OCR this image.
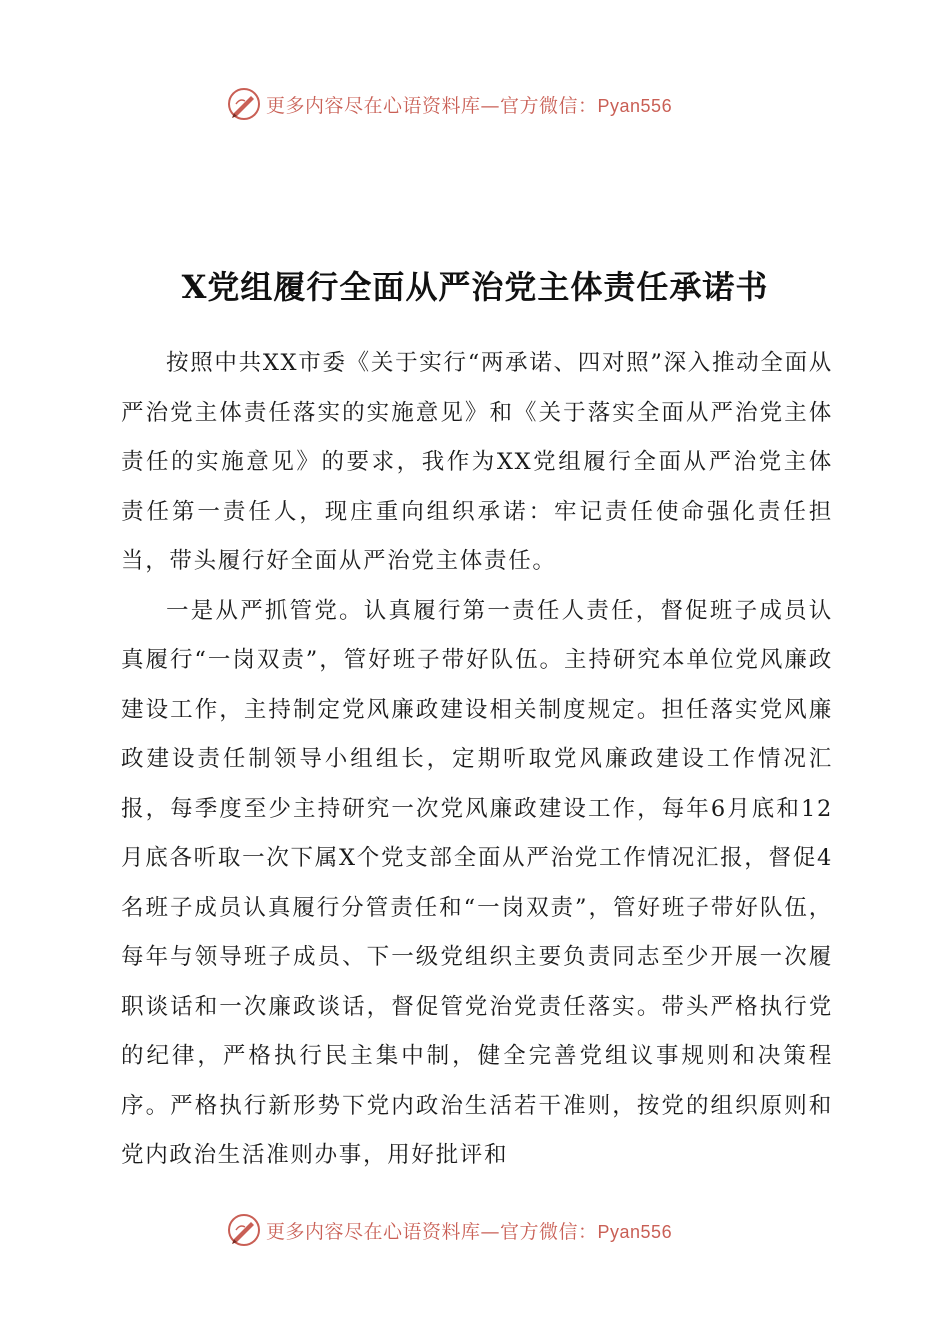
更多内容尽在心语资料库—官方微信：Pyan556
X党组履行全面从严治党主体责任承诺书

按照中共XX市委《关于实行“两承诺、四对照”深入推动全面从严治党主体责任落实的实施意见》和《关于落实全面从严治党主体责任的实施意见》的要求，我作为XX党组履行全面从严治党主体责任第一责任人，现庄重向组织承诺：牢记责任使命强化责任担当，带头履行好全面从严治党主体责任。

一是从严抓管党。认真履行第一责任人责任，督促班子成员认真履行“一岗双责”，管好班子带好队伍。主持研究本单位党风廉政建设工作，主持制定党风廉政建设相关制度规定。担任落实党风廉政建设责任制领导小组组长，定期听取党风廉政建设工作情况汇报，每季度至少主持研究一次党风廉政建设工作，每年6月底和12月底各听取一次下属X个党支部全面从严治党工作情况汇报，督促4名班子成员认真履行分管责任和“一岗双责”，管好班子带好队伍，每年与领导班子成员、下一级党组织主要负责同志至少开展一次履职谈话和一次廉政谈话，督促管党治党责任落实。带头严格执行党的纪律，严格执行民主集中制，健全完善党组议事规则和决策程序。严格执行新形势下党内政治生活若干准则，按党的组织原则和党内政治生活准则办事，用好批评和

更多内容尽在心语资料库—官方微信：Pyan556
